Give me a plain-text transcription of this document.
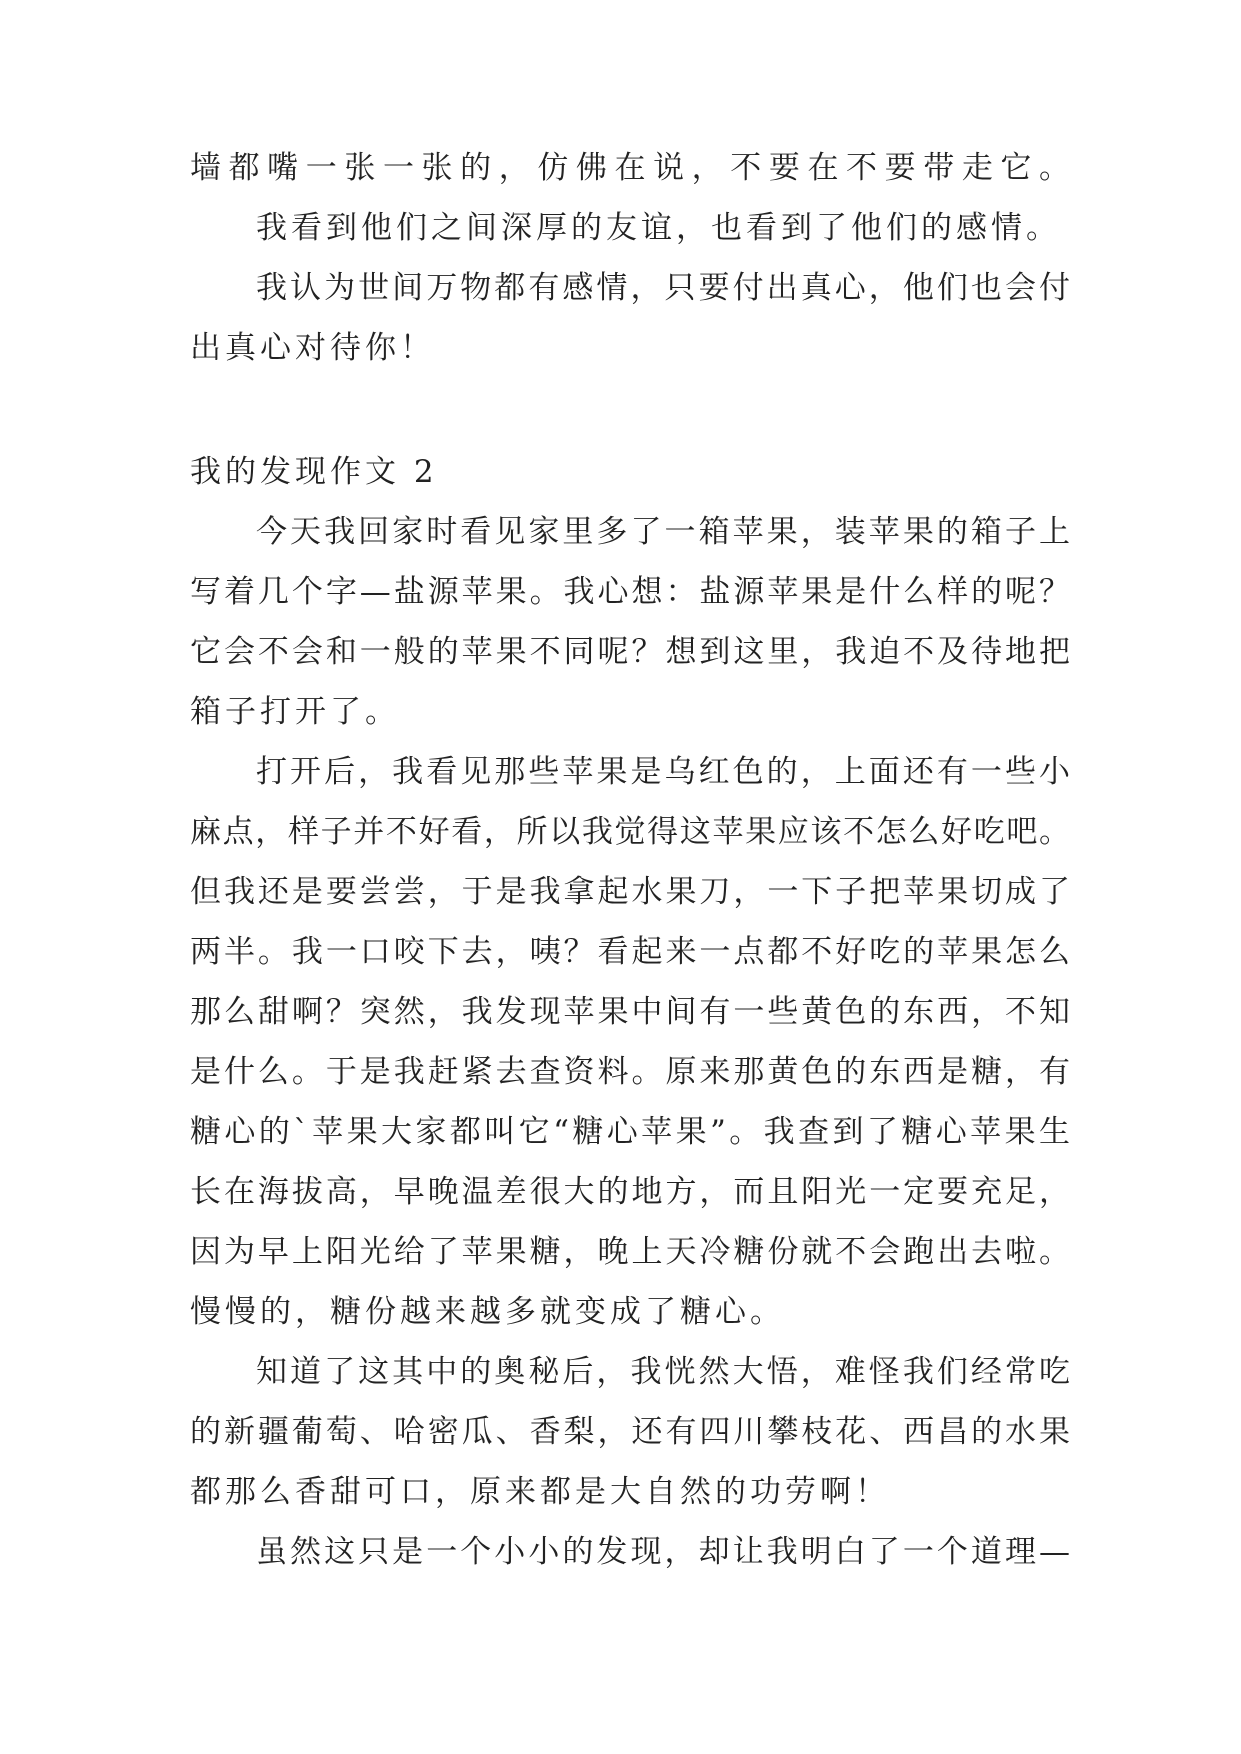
墙都嘴一张一张的，仿佛在说，不要在不要带走它。
我看到他们之间深厚的友谊，也看到了他们的感情。
我认为世间万物都有感情，只要付出真心，他们也会付
出真心对待你！
我的发现作文 2
今天我回家时看见家里多了一箱苹果，装苹果的箱子上
写着几个字—盐源苹果。我心想：盐源苹果是什么样的呢？
它会不会和一般的苹果不同呢？想到这里，我迫不及待地把
箱子打开了。
打开后，我看见那些苹果是乌红色的，上面还有一些小
麻点，样子并不好看，所以我觉得这苹果应该不怎么好吃吧。
但我还是要尝尝，于是我拿起水果刀，一下子把苹果切成了
两半。我一口咬下去，咦？看起来一点都不好吃的苹果怎么
那么甜啊？突然，我发现苹果中间有一些黄色的东西，不知
是什么。于是我赶紧去查资料。原来那黄色的东西是糖，有
糖心的`苹果大家都叫它“糖心苹果”。我查到了糖心苹果生
长在海拔高，早晚温差很大的地方，而且阳光一定要充足，
因为早上阳光给了苹果糖，晚上天冷糖份就不会跑出去啦。
慢慢的，糖份越来越多就变成了糖心。
知道了这其中的奥秘后，我恍然大悟，难怪我们经常吃
的新疆葡萄、哈密瓜、香梨，还有四川攀枝花、西昌的水果
都那么香甜可口，原来都是大自然的功劳啊！
虽然这只是一个小小的发现，却让我明白了一个道理—
